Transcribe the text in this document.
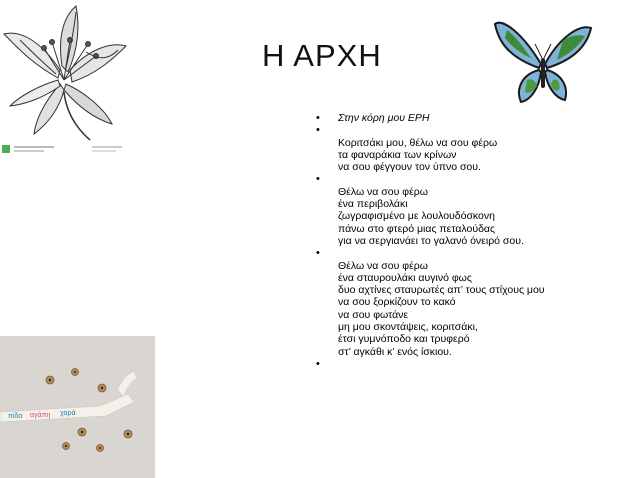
Η ΑΡΧΗ
• Στην κόρη μου ΕΡΗ

• Κοριτσάκι μου, θέλω να σου φέρω
τα φαναράκια των κρίνων
να σου φέγγουν τον ύπνο σου.

• Θέλω να σου φέρω
ένα περιβολάκι
ζωγραφισμένο με λουλουδόσκονη
πάνω στο φτερό μιας πεταλούδας
για να σεργιανάει το γαλανό όνειρό σου.

• Θέλω να σου φέρω
ένα σταυρουλάκι αυγινό φως
δυο αχτίνες σταυρωτές απ’ τους στίχους μου
να σου ξορκίζουν το κακό
να σου φωτάνε
μη μου σκοντάψεις, κοριτσάκι,
έτσι γυμνόποδο και τρυφερό
στ’ αγκάθι κ’ ενός ίσκιου.
•
πίδα αγάπη χαρά
